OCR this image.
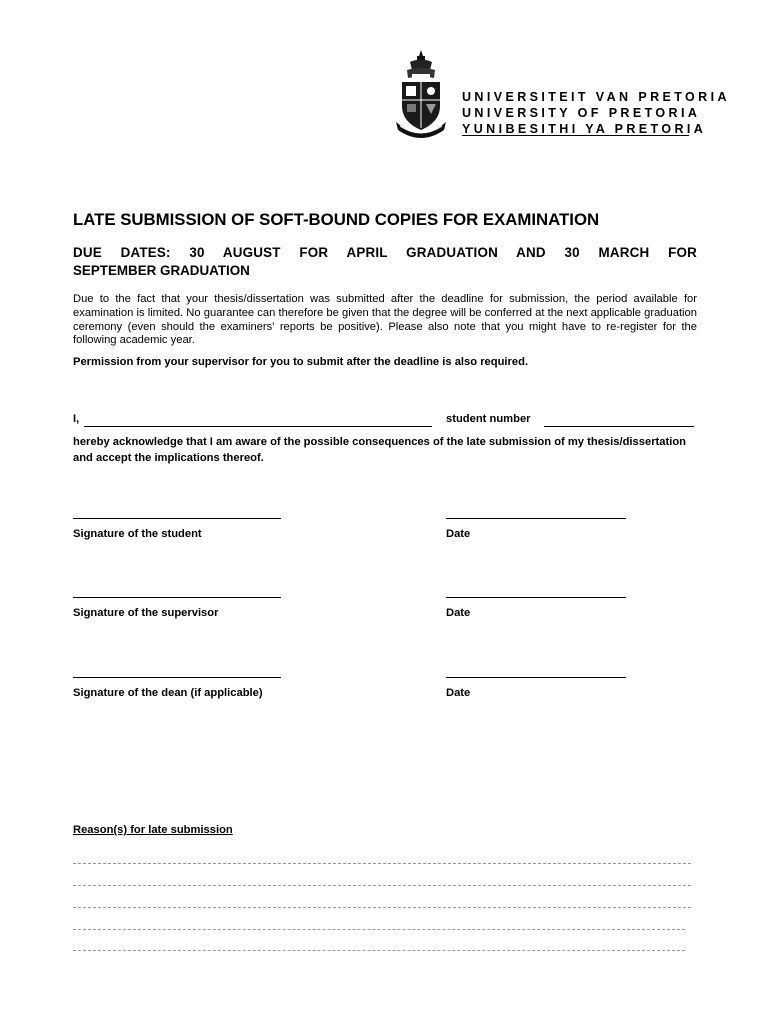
UNIVERSITEIT VAN PRETORIA
UNIVERSITY OF PRETORIA
YUNIBESITHI YA PRETORIA
LATE SUBMISSION OF SOFT-BOUND COPIES FOR EXAMINATION
DUE DATES: 30 AUGUST FOR APRIL GRADUATION AND 30 MARCH FOR
SEPTEMBER GRADUATION
Due to the fact that your thesis/dissertation was submitted after the deadline for submission, the period available for examination is limited. No guarantee can therefore be given that the degree will be conferred at the next applicable graduation ceremony (even should the examiners' reports be positive). Please also note that you might have to re-register for the following academic year.
Permission from your supervisor for you to submit after the deadline is also required.
I,	student number
hereby acknowledge that I am aware of the possible consequences of the late submission of my thesis/dissertation and accept the implications thereof.
Signature of the student	Date
Signature of the supervisor	Date
Signature of the dean (if applicable)	Date
Reason(s) for late submission
